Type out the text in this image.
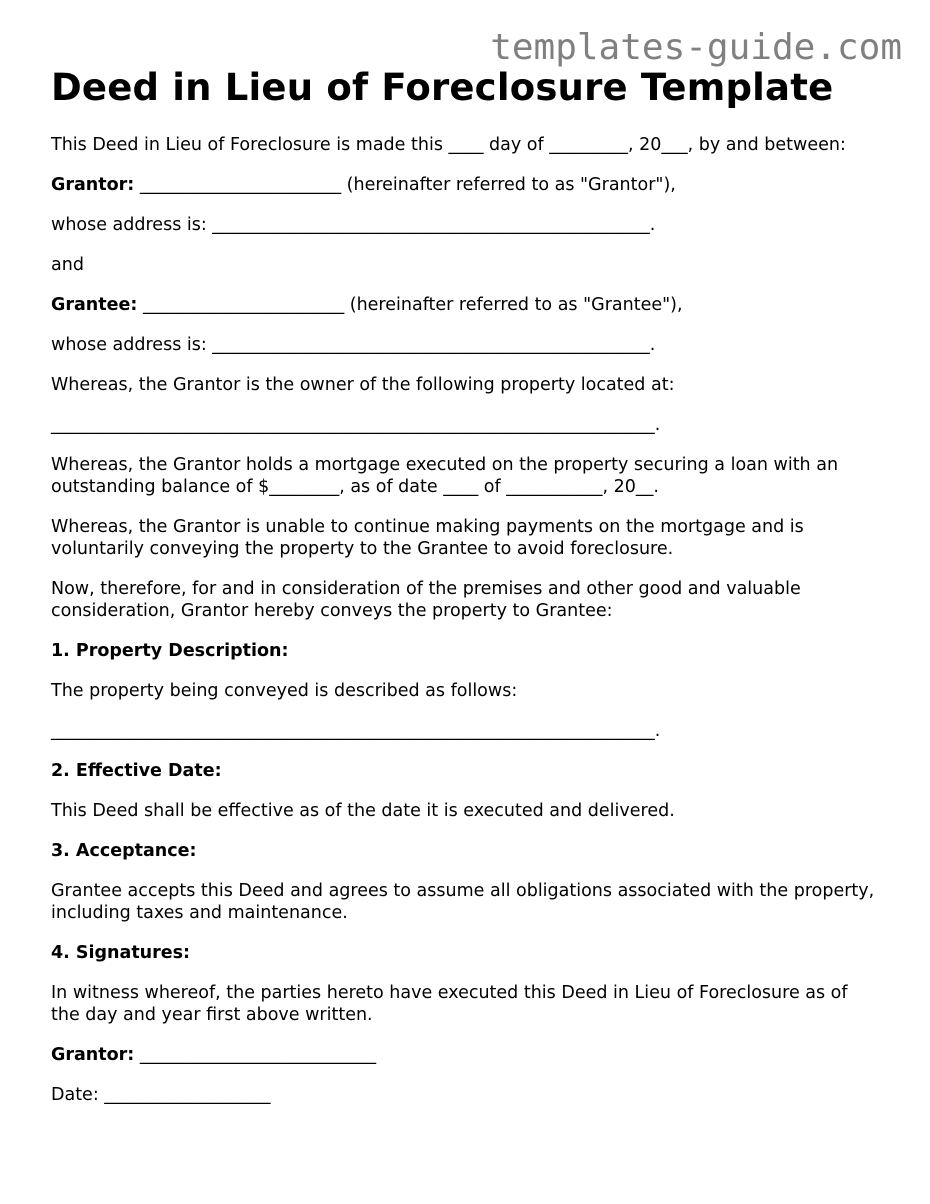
templates-guide.com
Deed in Lieu of Foreclosure Template

This Deed in Lieu of Foreclosure is made this ____ day of _________, 20___, by and between:

Grantor: _______________________ (hereinafter referred to as "Grantor"),

whose address is: __________________________________________________.

and

Grantee: _______________________ (hereinafter referred to as "Grantee"),

whose address is: __________________________________________________.

Whereas, the Grantor is the owner of the following property located at:

_____________________________________________________________________.

Whereas, the Grantor holds a mortgage executed on the property securing a loan with an outstanding balance of $________, as of date ____ of ___________, 20__.

Whereas, the Grantor is unable to continue making payments on the mortgage and is voluntarily conveying the property to the Grantee to avoid foreclosure.

Now, therefore, for and in consideration of the premises and other good and valuable consideration, Grantor hereby conveys the property to Grantee:

1. Property Description:

The property being conveyed is described as follows:

_____________________________________________________________________.

2. Effective Date:

This Deed shall be effective as of the date it is executed and delivered.

3. Acceptance:

Grantee accepts this Deed and agrees to assume all obligations associated with the property, including taxes and maintenance.

4. Signatures:

In witness whereof, the parties hereto have executed this Deed in Lieu of Foreclosure as of the day and year first above written.

Grantor: ___________________________

Date: ___________________
